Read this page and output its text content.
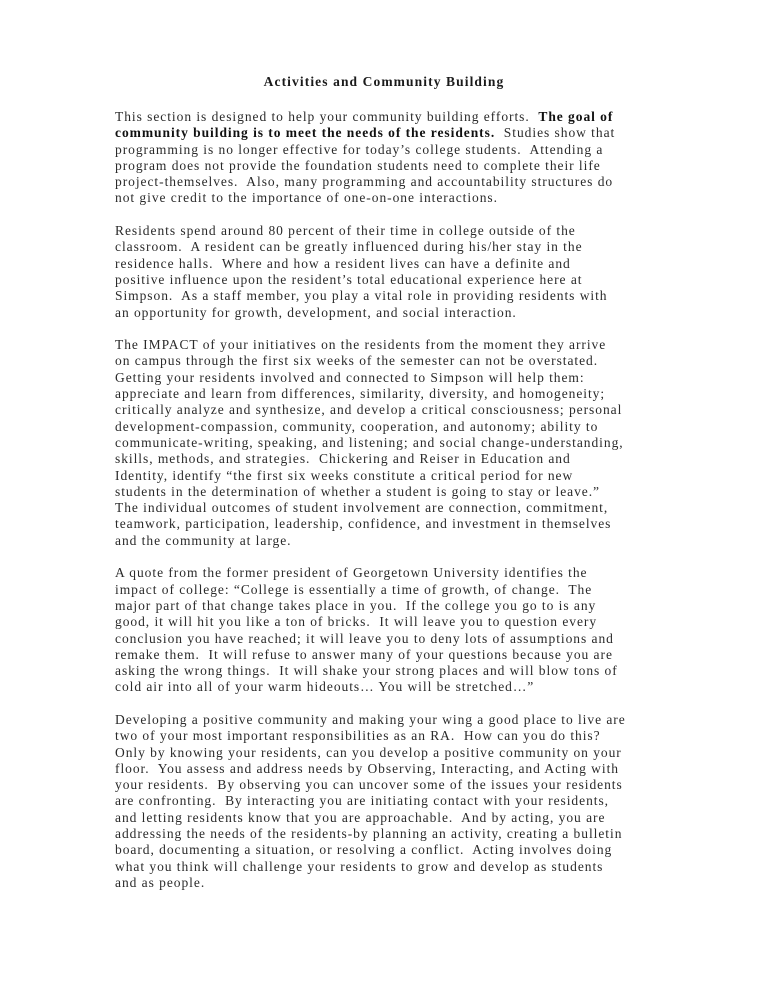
Activities and Community Building
This section is designed to help your community building efforts.  The goal of
community building is to meet the needs of the residents.  Studies show that
programming is no longer effective for today’s college students.  Attending a
program does not provide the foundation students need to complete their life
project-themselves.  Also, many programming and accountability structures do
not give credit to the importance of one-on-one interactions.
Residents spend around 80 percent of their time in college outside of the
classroom.  A resident can be greatly influenced during his/her stay in the
residence halls.  Where and how a resident lives can have a definite and
positive influence upon the resident’s total educational experience here at
Simpson.  As a staff member, you play a vital role in providing residents with
an opportunity for growth, development, and social interaction.
The IMPACT of your initiatives on the residents from the moment they arrive
on campus through the first six weeks of the semester can not be overstated.
Getting your residents involved and connected to Simpson will help them:
appreciate and learn from differences, similarity, diversity, and homogeneity;
critically analyze and synthesize, and develop a critical consciousness; personal
development-compassion, community, cooperation, and autonomy; ability to
communicate-writing, speaking, and listening; and social change-understanding,
skills, methods, and strategies.  Chickering and Reiser in Education and
Identity, identify “the first six weeks constitute a critical period for new
students in the determination of whether a student is going to stay or leave.”
The individual outcomes of student involvement are connection, commitment,
teamwork, participation, leadership, confidence, and investment in themselves
and the community at large.
A quote from the former president of Georgetown University identifies the
impact of college: “College is essentially a time of growth, of change.  The
major part of that change takes place in you.  If the college you go to is any
good, it will hit you like a ton of bricks.  It will leave you to question every
conclusion you have reached; it will leave you to deny lots of assumptions and
remake them.  It will refuse to answer many of your questions because you are
asking the wrong things.  It will shake your strong places and will blow tons of
cold air into all of your warm hideouts… You will be stretched…”
Developing a positive community and making your wing a good place to live are
two of your most important responsibilities as an RA.  How can you do this?
Only by knowing your residents, can you develop a positive community on your
floor.  You assess and address needs by Observing, Interacting, and Acting with
your residents.  By observing you can uncover some of the issues your residents
are confronting.  By interacting you are initiating contact with your residents,
and letting residents know that you are approachable.  And by acting, you are
addressing the needs of the residents-by planning an activity, creating a bulletin
board, documenting a situation, or resolving a conflict.  Acting involves doing
what you think will challenge your residents to grow and develop as students
and as people.
